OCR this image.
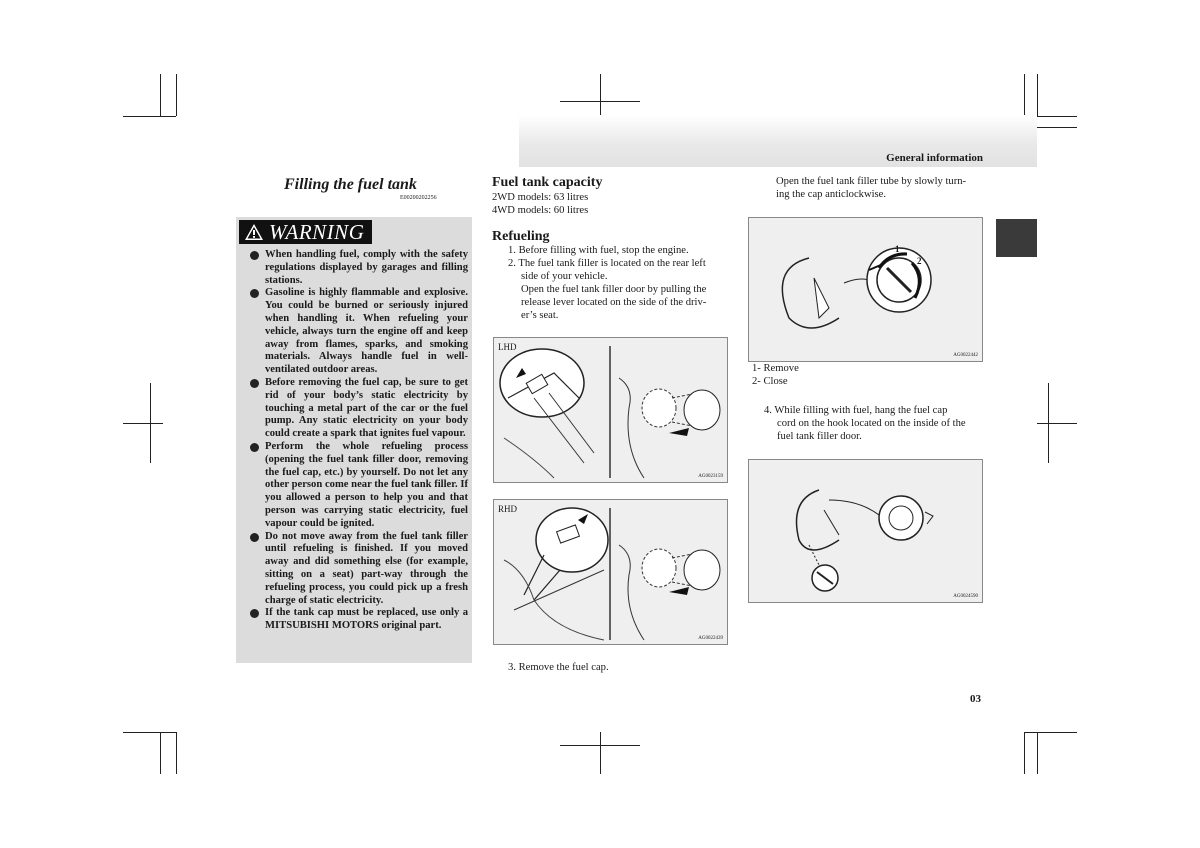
General information
03
Filling the fuel tank
E00200202256
WARNING
When handling fuel, comply with the safety regulations displayed by garages and filling stations.
Gasoline is highly flammable and explosive. You could be burned or seriously injured when handling it. When refueling your vehicle, always turn the engine off and keep away from flames, sparks, and smoking materials. Always handle fuel in well-ventilated outdoor areas.
Before removing the fuel cap, be sure to get rid of your body’s static electricity by touching a metal part of the car or the fuel pump. Any static electricity on your body could create a spark that ignites fuel vapour.
Perform the whole refueling process (opening the fuel tank filler door, removing the fuel cap, etc.) by yourself. Do not let any other person come near the fuel tank filler. If you allowed a person to help you and that person was carrying static electricity, fuel vapour could be ignited.
Do not move away from the fuel tank filler until refueling is finished. If you moved away and did something else (for example, sitting on a seat) part-way through the refueling process, you could pick up a fresh charge of static electricity.
If the tank cap must be replaced, use only a MITSUBISHI MOTORS original part.
Fuel tank capacity
2WD models: 63 litres
4WD models: 60 litres
Refueling
1. Before filling with fuel, stop the engine.
2. The fuel tank filler is located on the rear left
side of your vehicle.
Open the fuel tank filler door by pulling the
release lever located on the side of the driv-
er’s seat.
LHD
AG0023159
RHD
AG0022439
3. Remove the fuel cap.
Open the fuel tank filler tube by slowly turn-
ing the cap anticlockwise.
1
2
AG0022442
1- Remove
2- Close
4. While filling with fuel, hang the fuel cap
cord on the hook located on the inside of the
fuel tank filler door.
AG0024590
